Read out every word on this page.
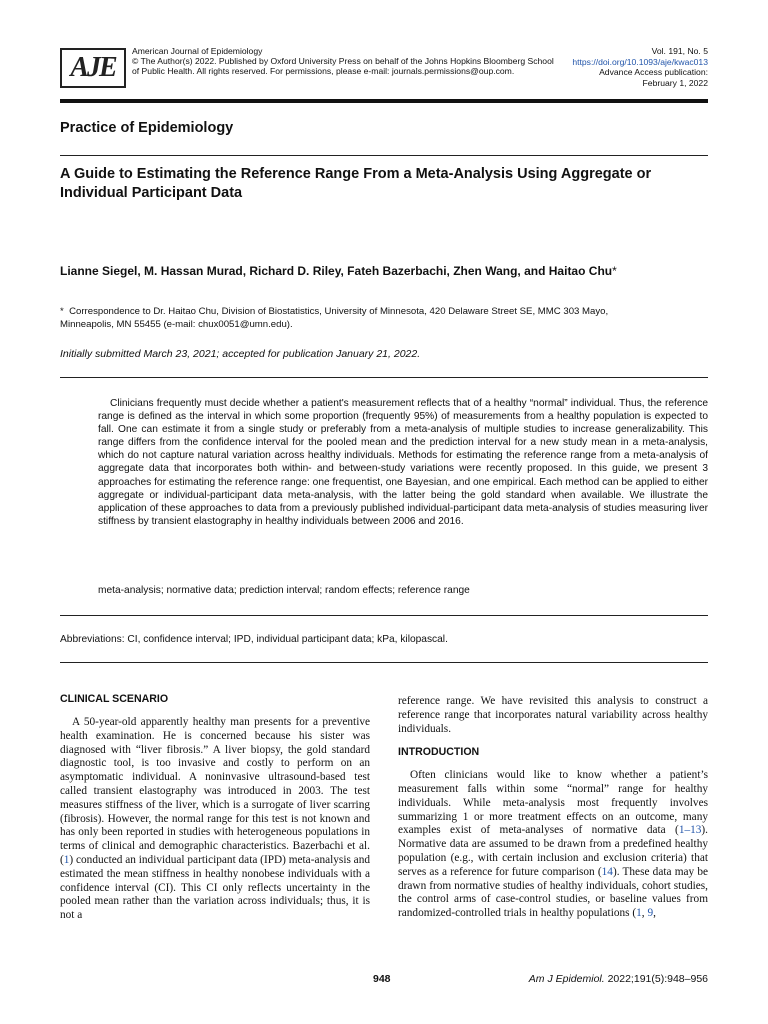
AJE
American Journal of Epidemiology
© The Author(s) 2022. Published by Oxford University Press on behalf of the Johns Hopkins Bloomberg School of Public Health. All rights reserved. For permissions, please e-mail: journals.permissions@oup.com.
Vol. 191, No. 5
https://doi.org/10.1093/aje/kwac013
Advance Access publication:
February 1, 2022
Practice of Epidemiology
A Guide to Estimating the Reference Range From a Meta-Analysis Using Aggregate or Individual Participant Data
Lianne Siegel, M. Hassan Murad, Richard D. Riley, Fateh Bazerbachi, Zhen Wang, and Haitao Chu*
* Correspondence to Dr. Haitao Chu, Division of Biostatistics, University of Minnesota, 420 Delaware Street SE, MMC 303 Mayo, Minneapolis, MN 55455 (e-mail: chux0051@umn.edu).
Initially submitted March 23, 2021; accepted for publication January 21, 2022.
Clinicians frequently must decide whether a patient's measurement reflects that of a healthy “normal” individual. Thus, the reference range is defined as the interval in which some proportion (frequently 95%) of measurements from a healthy population is expected to fall. One can estimate it from a single study or preferably from a meta-analysis of multiple studies to increase generalizability. This range differs from the confidence interval for the pooled mean and the prediction interval for a new study mean in a meta-analysis, which do not capture natural variation across healthy individuals. Methods for estimating the reference range from a meta-analysis of aggregate data that incorporates both within- and between-study variations were recently proposed. In this guide, we present 3 approaches for estimating the reference range: one frequentist, one Bayesian, and one empirical. Each method can be applied to either aggregate or individual-participant data meta-analysis, with the latter being the gold standard when available. We illustrate the application of these approaches to data from a previously published individual-participant data meta-analysis of studies measuring liver stiffness by transient elastography in healthy individuals between 2006 and 2016.
meta-analysis; normative data; prediction interval; random effects; reference range
Abbreviations: CI, confidence interval; IPD, individual participant data; kPa, kilopascal.
CLINICAL SCENARIO

A 50-year-old apparently healthy man presents for a preventive health examination. He is concerned because his sister was diagnosed with “liver fibrosis.” A liver biopsy, the gold standard diagnostic tool, is too invasive and costly to perform on an asymptomatic individual. A noninvasive ultrasound-based test called transient elastography was introduced in 2003. The test measures stiffness of the liver, which is a surrogate of liver scarring (fibrosis). However, the normal range for this test is not known and has only been reported in studies with heterogeneous populations in terms of clinical and demographic characteristics. Bazerbachi et al. (1) conducted an individual participant data (IPD) meta-analysis and estimated the mean stiffness in healthy nonobese individuals with a confidence interval (CI). This CI only reflects uncertainty in the pooled mean rather than the variation across individuals; thus, it is not a

reference range. We have revisited this analysis to construct a reference range that incorporates natural variability across healthy individuals.
INTRODUCTION

Often clinicians would like to know whether a patient’s measurement falls within some “normal” range for healthy individuals. While meta-analysis most frequently involves summarizing 1 or more treatment effects on an outcome, many examples exist of meta-analyses of normative data (1–13). Normative data are assumed to be drawn from a predefined healthy population (e.g., with certain inclusion and exclusion criteria) that serves as a reference for future comparison (14). These data may be drawn from normative studies of healthy individuals, cohort studies, the control arms of case-control studies, or baseline values from randomized-controlled trials in healthy populations (1, 9,

948	Am J Epidemiol. 2022;191(5):948–956
